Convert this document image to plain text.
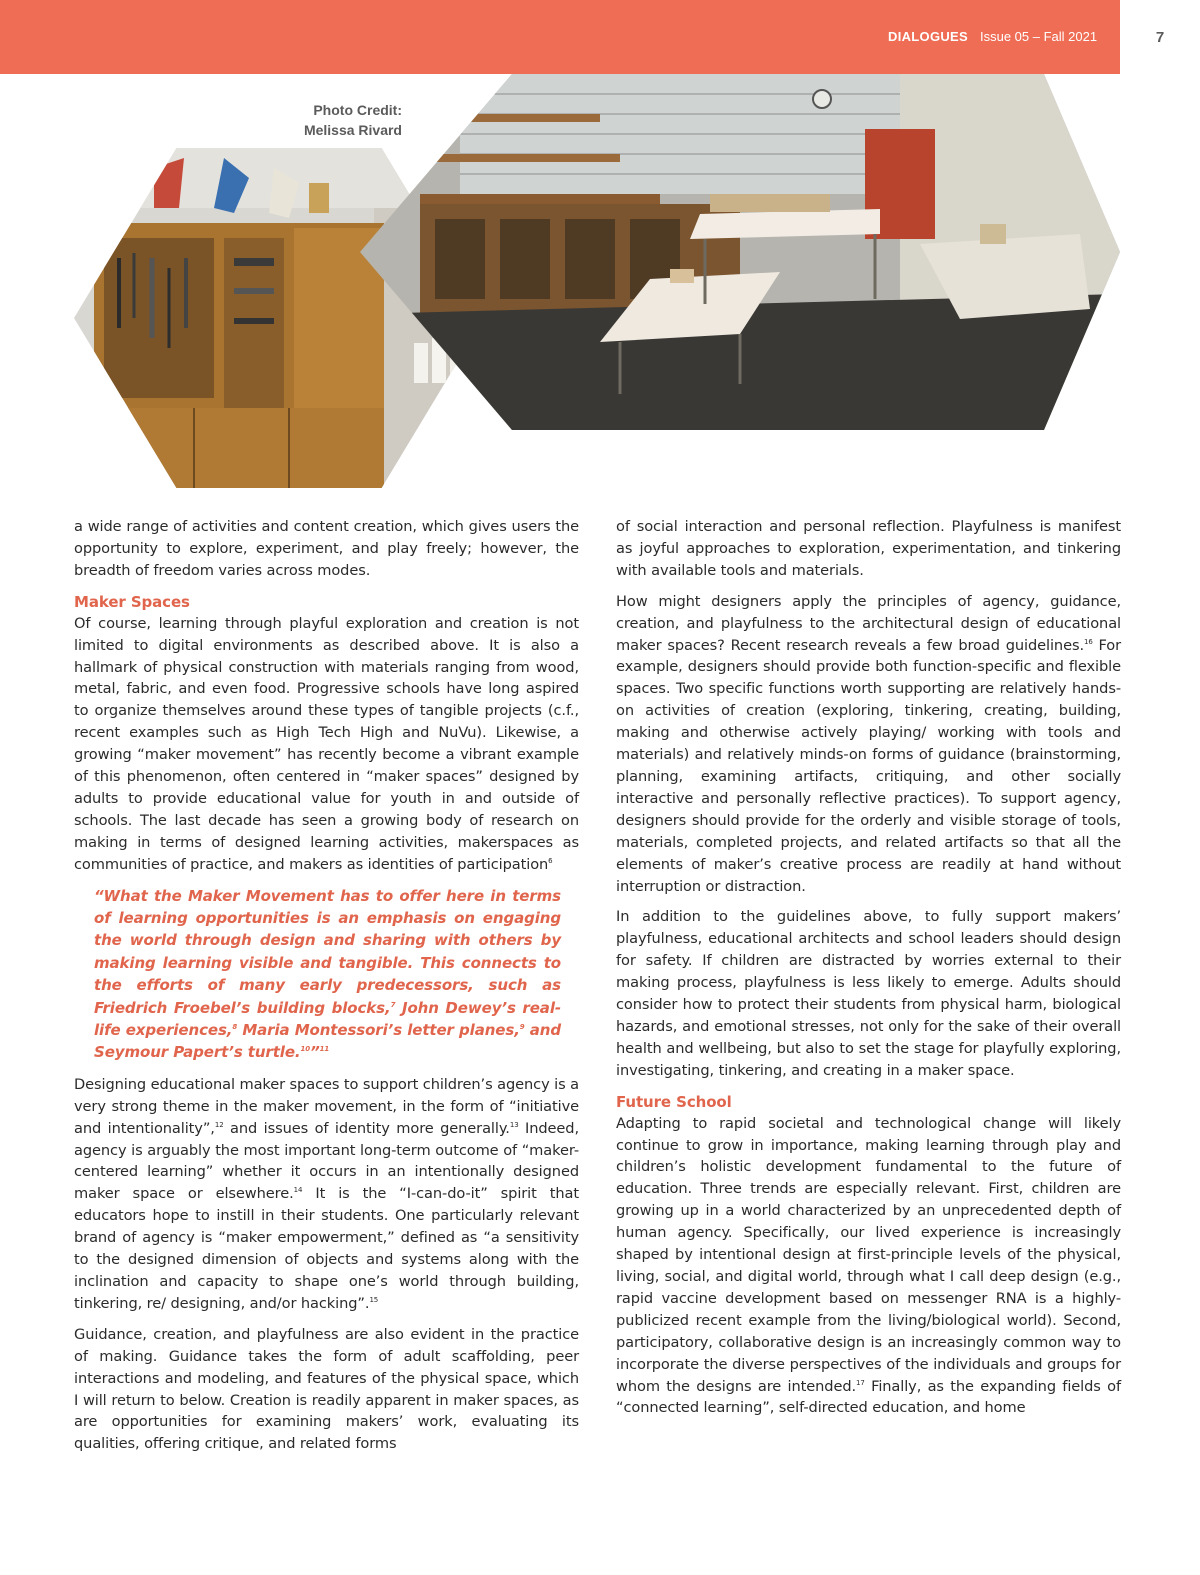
DIALOGUES Issue 05 – Fall 2021	7
Photo Credit:
Melissa Rivard

a wide range of activities and content creation, which gives users the opportunity to explore, experiment, and play freely; however, the breadth of freedom varies across modes.

Maker Spaces

Of course, learning through playful exploration and creation is not limited to digital environments as described above. It is also a hallmark of physical construction with materials ranging from wood, metal, fabric, and even food. Progressive schools have long aspired to organize themselves around these types of tangible projects (c.f., recent examples such as High Tech High and NuVu). Likewise, a growing “maker movement” has recently become a vibrant example of this phenomenon, often centered in “maker spaces” designed by adults to provide educational value for youth in and outside of schools. The last decade has seen a growing body of research on making in terms of designed learning activities, makerspaces as communities of practice, and makers as identities of participation$^6$

“What the Maker Movement has to offer here in terms of learning opportunities is an emphasis on engaging the world through design and sharing with others by making learning visible and tangible. This connects to the efforts of many early predecessors, such as Friedrich Froebel’s building blocks,$^7$ John Dewey’s real-life experiences,$^8$ Maria Montessori’s letter planes,$^9$ and Seymour Papert’s turtle.$^{10}$”$^{11}$

Designing educational maker spaces to support children’s agency is a very strong theme in the maker movement, in the form of “initiative and intentionality”,$^{12}$ and issues of identity more generally.$^{13}$ Indeed, agency is arguably the most important long-term outcome of “maker-centered learning” whether it occurs in an intentionally designed maker space or elsewhere.$^{14}$ It is the “I-can-do-it” spirit that educators hope to instill in their students. One particularly relevant brand of agency is “maker empowerment,” defined as “a sensitivity to the designed dimension of objects and systems along with the inclination and capacity to shape one’s world through building, tinkering, re/ designing, and/or hacking”.$^{15}$

Guidance, creation, and playfulness are also evident in the practice of making. Guidance takes the form of adult scaffolding, peer interactions and modeling, and features of the physical space, which I will return to below. Creation is readily apparent in maker spaces, as are opportunities for examining makers’ work, evaluating its qualities, offering critique, and related forms

of social interaction and personal reflection. Playfulness is manifest as joyful approaches to exploration, experimentation, and tinkering with available tools and materials.

How might designers apply the principles of agency, guidance, creation, and playfulness to the architectural design of educational maker spaces? Recent research reveals a few broad guidelines.$^{16}$ For example, designers should provide both function-specific and flexible spaces. Two specific functions worth supporting are relatively hands-on activities of creation (exploring, tinkering, creating, building, making and otherwise actively playing/ working with tools and materials) and relatively minds-on forms of guidance (brainstorming, planning, examining artifacts, critiquing, and other socially interactive and personally reflective practices). To support agency, designers should provide for the orderly and visible storage of tools, materials, completed projects, and related artifacts so that all the elements of maker’s creative process are readily at hand without interruption or distraction.

In addition to the guidelines above, to fully support makers’ playfulness, educational architects and school leaders should design for safety. If children are distracted by worries external to their making process, playfulness is less likely to emerge. Adults should consider how to protect their students from physical harm, biological hazards, and emotional stresses, not only for the sake of their overall health and wellbeing, but also to set the stage for playfully exploring, investigating, tinkering, and creating in a maker space.

Future School

Adapting to rapid societal and technological change will likely continue to grow in importance, making learning through play and children’s holistic development fundamental to the future of education. Three trends are especially relevant. First, children are growing up in a world characterized by an unprecedented depth of human agency. Specifically, our lived experience is increasingly shaped by intentional design at first-principle levels of the physical, living, social, and digital world, through what I call deep design (e.g., rapid vaccine development based on messenger RNA is a highly-publicized recent example from the living/biological world). Second, participatory, collaborative design is an increasingly common way to incorporate the diverse perspectives of the individuals and groups for whom the designs are intended.$^{17}$ Finally, as the expanding fields of “connected learning”, self-directed education, and home
